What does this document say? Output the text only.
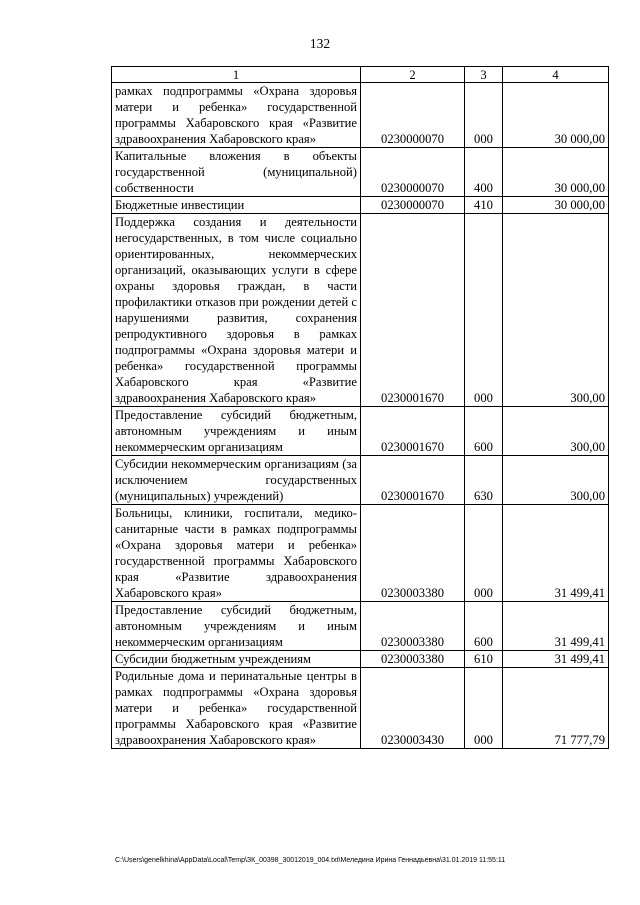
132
1	2	3	4
рамках подпрограммы «Охрана здоровья матери и ребенка» государственной программы Хабаровского края «Развитие здравоохранения Хабаровского края»	0230000070	000	30 000,00
Капитальные вложения в объекты государственной (муниципальной) собственности	0230000070	400	30 000,00
Бюджетные инвестиции	0230000070	410	30 000,00
Поддержка создания и деятельности негосударственных, в том числе социально ориентированных, некоммерческих организаций, оказывающих услуги в сфере охраны здоровья граждан, в части профилактики отказов при рождении детей с нарушениями развития, сохранения репродуктивного здоровья в рамках подпрограммы «Охрана здоровья матери и ребенка» государственной программы Хабаровского края «Развитие здравоохранения Хабаровского края»	0230001670	000	300,00
Предоставление субсидий бюджетным, автономным учреждениям и иным некоммерческим организациям	0230001670	600	300,00
Субсидии некоммерческим организациям (за исключением государственных (муниципальных) учреждений)	0230001670	630	300,00
Больницы, клиники, госпитали, медико-санитарные части в рамках подпрограммы «Охрана здоровья матери и ребенка» государственной программы Хабаровского края «Развитие здравоохранения Хабаровского края»	0230003380	000	31 499,41
Предоставление субсидий бюджетным, автономным учреждениям и иным некоммерческим организациям	0230003380	600	31 499,41
Субсидии бюджетным учреждениям	0230003380	610	31 499,41
Родильные дома и перинатальные центры в рамках подпрограммы «Охрана здоровья матери и ребенка» государственной программы Хабаровского края «Развитие здравоохранения Хабаровского края»	0230003430	000	71 777,79
C:\Users\genelkhina\AppData\Local\Temp\ЗК_00398_30012019_004.txt\Меледина Ирина Геннадьевна\31.01.2019 11:55:11
